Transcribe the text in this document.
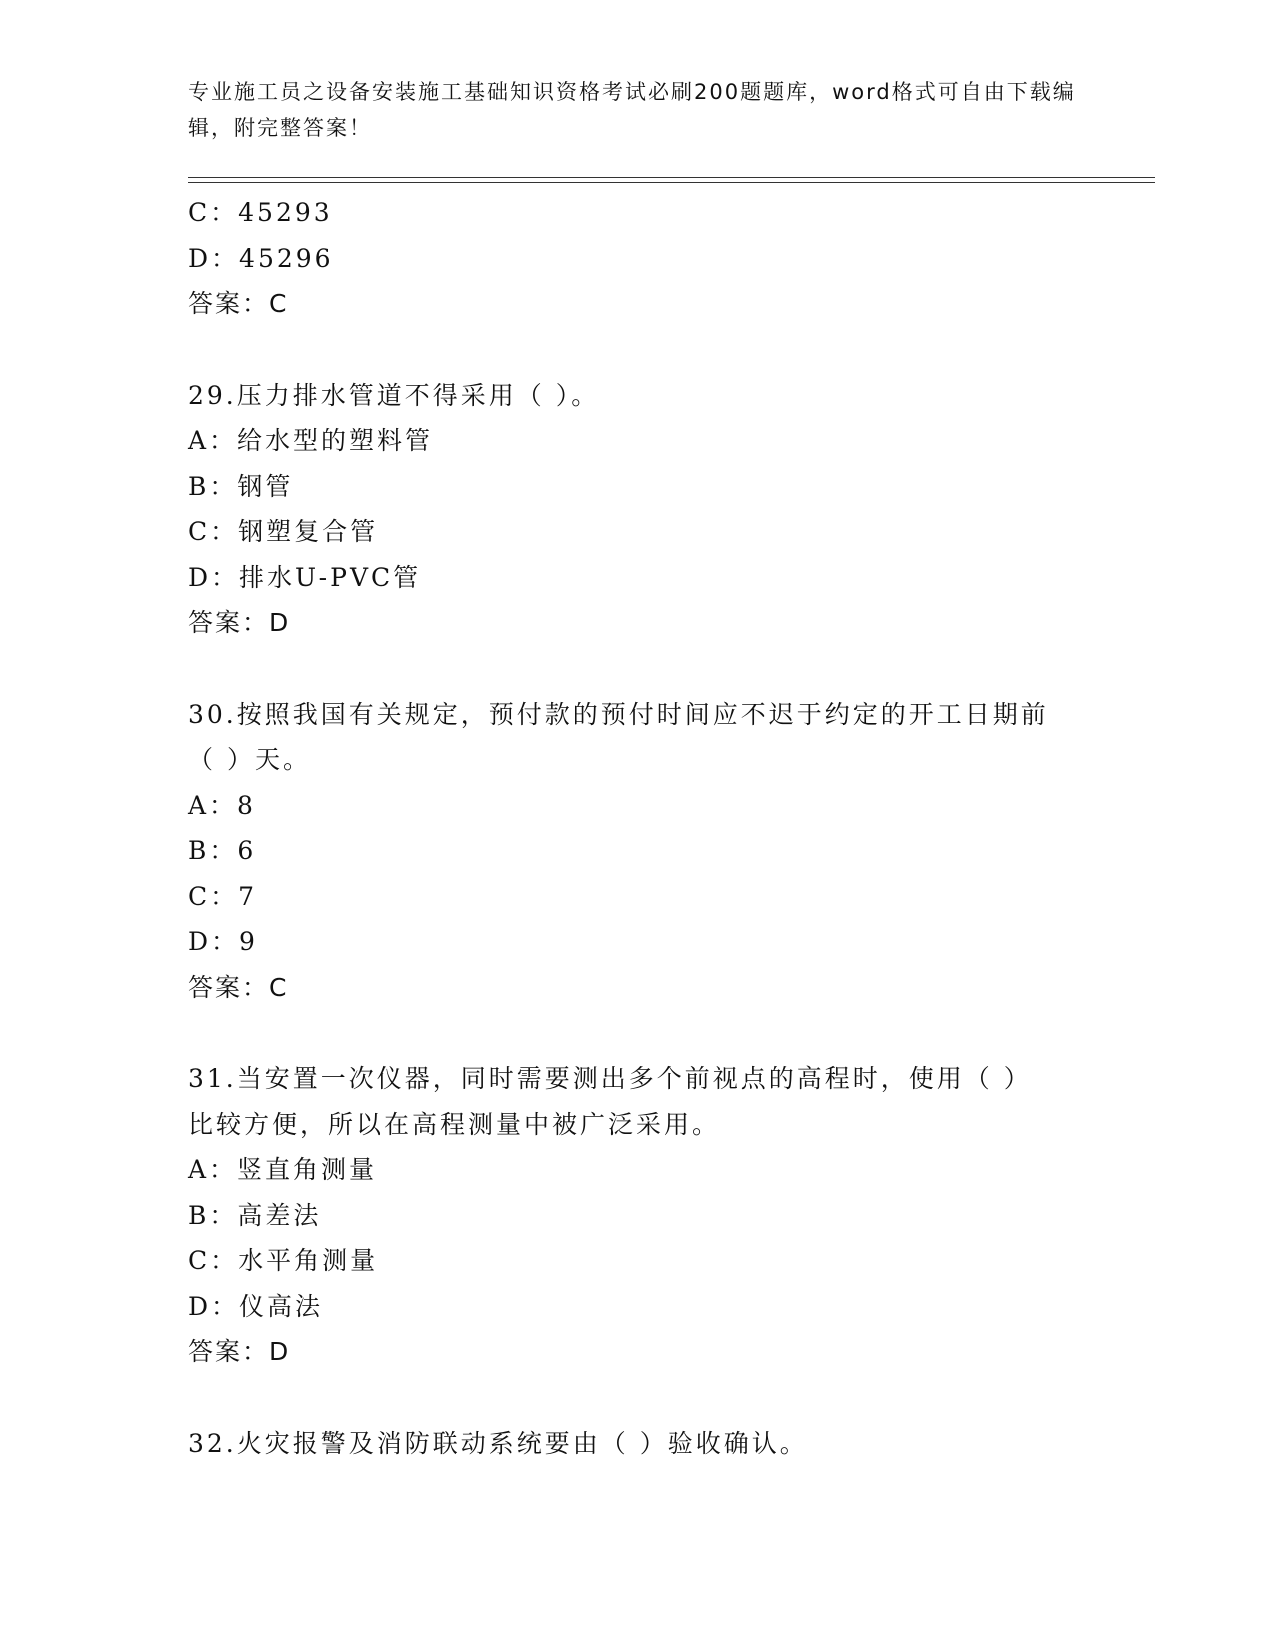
专业施工员之设备安装施工基础知识资格考试必刷200题题库，word格式可自由下载编辑，附完整答案！
C：45293
D：45296
答案：C
29.压力排水管道不得采用（ ）。
A：给水型的塑料管
B：钢管
C：钢塑复合管
D：排水U-PVC管
答案：D
30.按照我国有关规定，预付款的预付时间应不迟于约定的开工日期前
（ ）天。
A：8
B：6
C：7
D：9
答案：C
31.当安置一次仪器，同时需要测出多个前视点的高程时，使用（ ）
比较方便，所以在高程测量中被广泛采用。
A：竖直角测量
B：高差法
C：水平角测量
D：仪高法
答案：D
32.火灾报警及消防联动系统要由（ ）验收确认。
